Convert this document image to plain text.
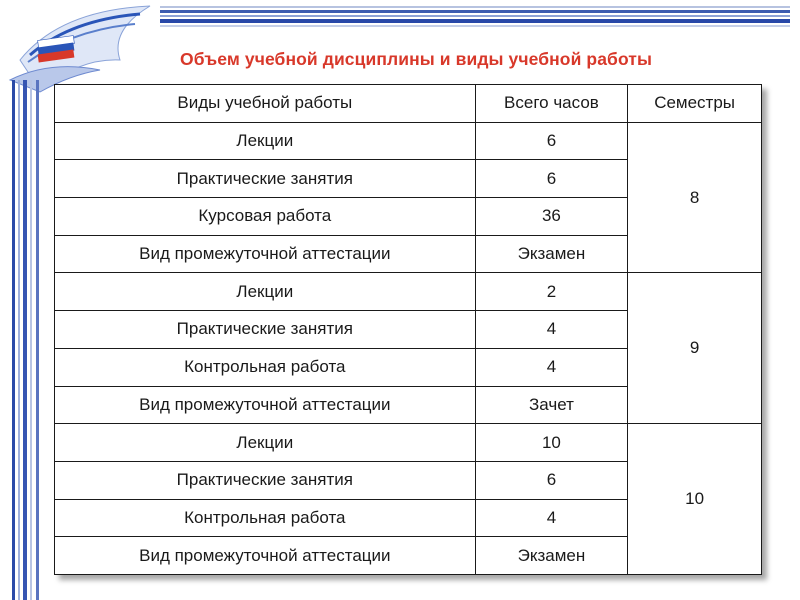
Объем учебной дисциплины и виды учебной работы
Виды учебной работы	Всего часов	Семестры
Лекции	6	8
Практические занятия	6	
Курсовая работа	36	
Вид промежуточной аттестации	Экзамен	
Лекции	2	9
Практические занятия	4	
Контрольная работа	4	
Вид промежуточной аттестации	Зачет	
Лекции	10	10
Практические занятия	6	
Контрольная работа	4	
Вид промежуточной аттестации	Экзамен	
